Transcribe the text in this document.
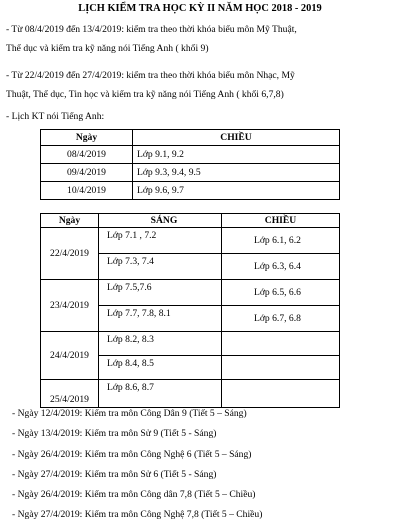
LỊCH KIỂM TRA HỌC KỲ II NĂM HỌC 2018 - 2019
- Từ 08/4/2019 đến 13/4/2019: kiểm tra theo thời khóa biểu môn Mỹ Thuật,
Thể dục và kiểm tra kỹ năng nói Tiếng Anh ( khối 9)
- Từ 22/4/2019 đến 27/4/2019: kiểm tra theo thời khóa biểu môn Nhạc, Mỹ
Thuật, Thể dục, Tin học và kiểm tra kỹ năng nói Tiếng Anh ( khối 6,7,8)
- Lịch KT nói Tiếng Anh:
Ngày	CHIỀU
08/4/2019	Lớp 9.1, 9.2
09/4/2019	Lớp 9.3, 9.4, 9.5
10/4/2019	Lớp 9.6, 9.7
Ngày	SÁNG	CHIỀU
22/4/2019	Lớp 7.1 , 7.2	Lớp 6.1, 6.2
	Lớp 7.3, 7.4	Lớp 6.3, 6.4
23/4/2019	Lớp 7.5,7.6	Lớp 6.5, 6.6
	Lớp 7.7, 7.8, 8.1	Lớp 6.7, 6.8
24/4/2019	Lớp 8.2, 8.3	
	Lớp 8.4, 8.5	
25/4/2019	Lớp 8.6, 8.7	
- Ngày 12/4/2019: Kiểm tra môn Công Dân 9 (Tiết 5 – Sáng)
- Ngày 13/4/2019: Kiểm tra môn Sử 9 (Tiết 5 - Sáng)
- Ngày 26/4/2019: Kiểm tra môn Công Nghệ 6 (Tiết 5 – Sáng)
- Ngày 27/4/2019: Kiểm tra môn Sử 6 (Tiết 5 - Sáng)
- Ngày 26/4/2019: Kiểm tra môn Công dân 7,8 (Tiết 5 – Chiều)
- Ngày 27/4/2019: Kiểm tra môn Công Nghệ 7,8 (Tiết 5 – Chiều)
